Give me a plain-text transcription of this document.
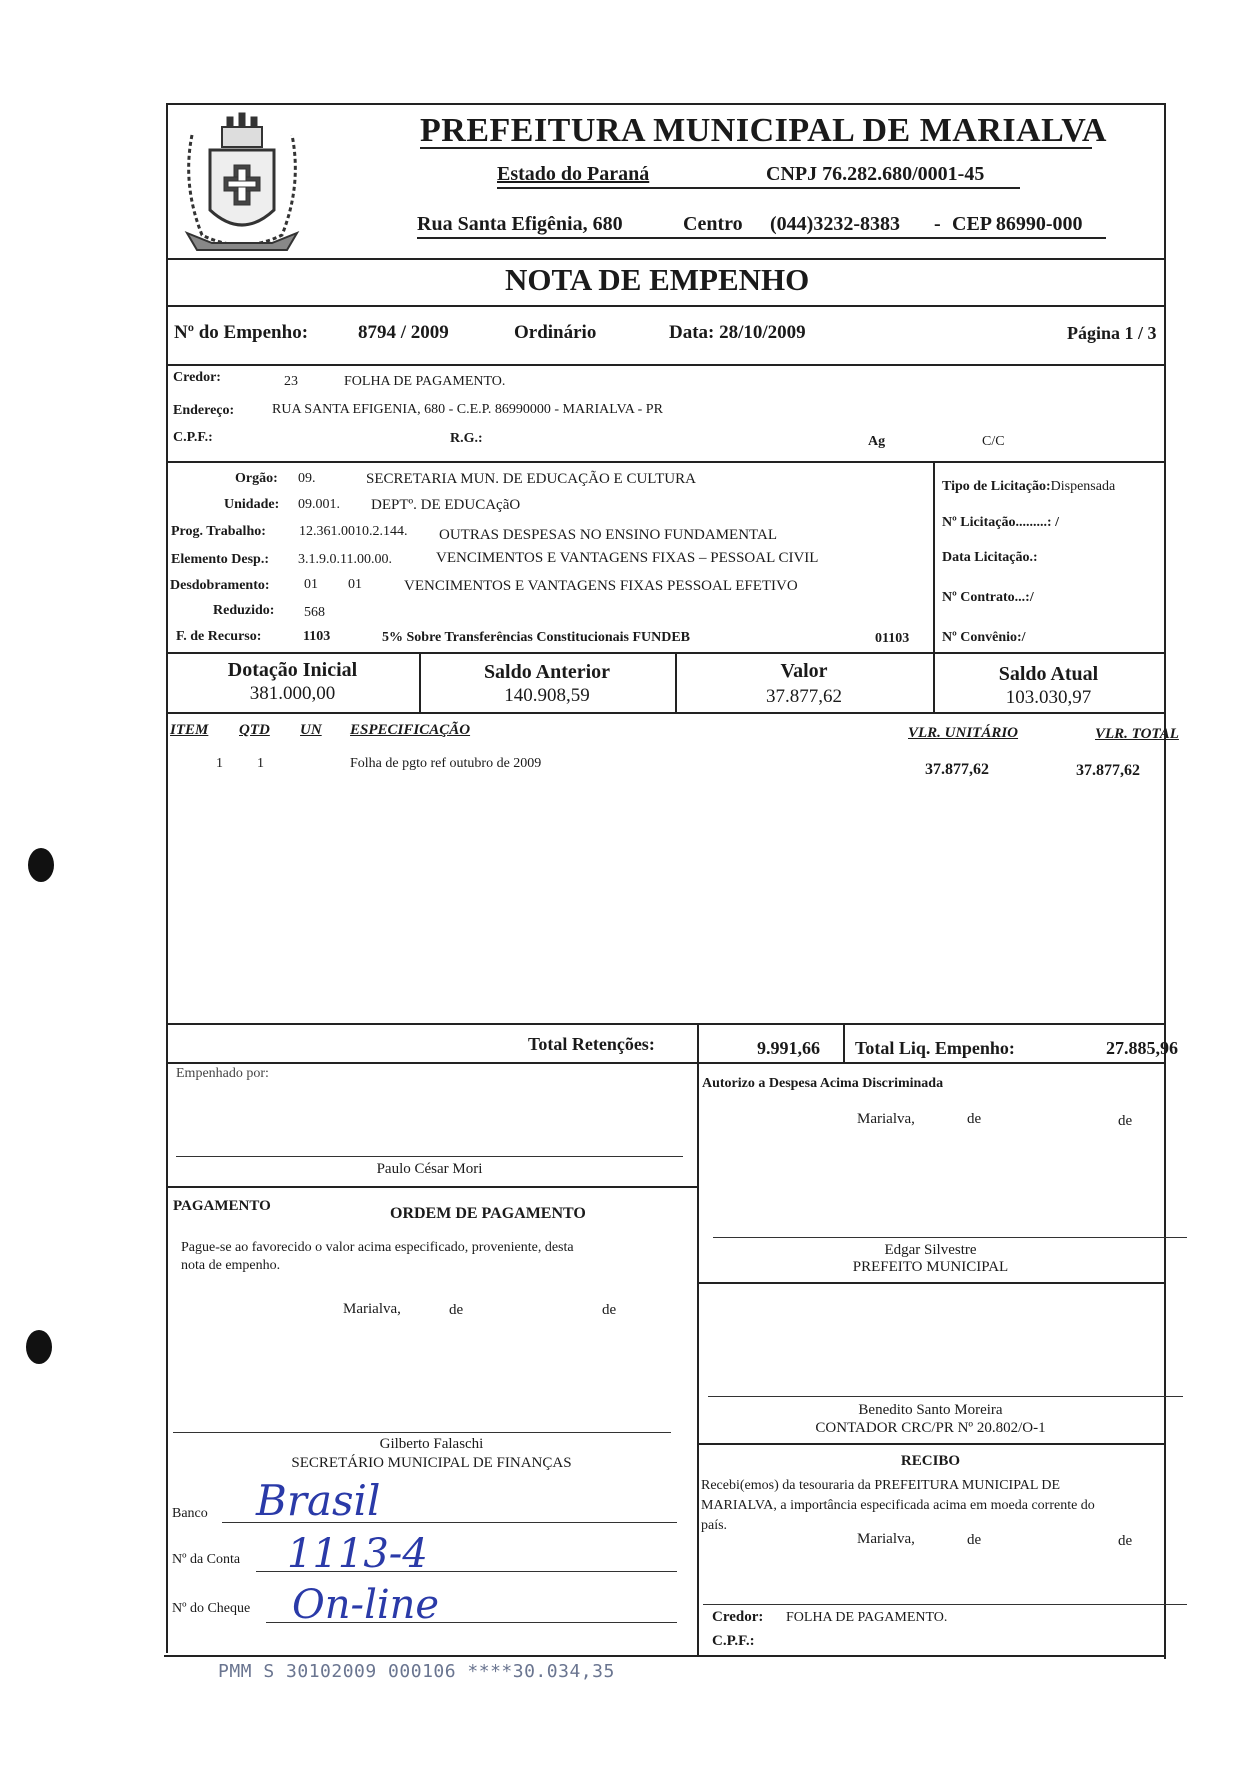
PREFEITURA MUNICIPAL DE MARIALVA
Estado do Paraná	CNPJ 76.282.680/0001-45
Rua Santa Efigênia, 680	Centro (044)3232-8383 - CEP 86990-000
NOTA DE EMPENHO
Nº do Empenho:	8794 / 2009	Ordinário	Data: 28/10/2009	Página 1 / 3
Credor:	23	FOLHA DE PAGAMENTO.
Endereço:	RUA SANTA EFIGENIA, 680 - C.E.P. 86990000 - MARIALVA - PR
C.P.F.:	R.G.:	Ag	C/C
Orgão: 09.	SECRETARIA MUN. DE EDUCAÇÃO E CULTURA
Unidade: 09.001. DEPTº. DE EDUCAçãO
Prog. Trabalho: 12.361.0010.2.144. OUTRAS DESPESAS NO ENSINO FUNDAMENTAL
Elemento Desp.: 3.1.9.0.11.00.00.	VENCIMENTOS E VANTAGENS FIXAS – PESSOAL CIVIL
Desdobramento: 01 01	VENCIMENTOS E VANTAGENS FIXAS PESSOAL EFETIVO
Reduzido: 568
F. de Recurso:	1103	5% Sobre Transferências Constitucionais FUNDEB	01103
Tipo de Licitação:Dispensada
Nº Licitação.........: /
Data Licitação.:
Nº Contrato...:/
Nº Convênio:/
Dotação Inicial
381.000,00
Saldo Anterior
140.908,59
Valor
37.877,62
Saldo Atual
103.030,97
ITEM QTD UN ESPECIFICAÇÃO	VLR. UNITÁRIO	VLR. TOTAL
1 1	Folha de pgto ref outubro de 2009	37.877,62	37.877,62
Total Retenções:	9.991,66 Total Liq. Empenho:	27.885,96
Empenhado por:
Paulo César Mori
Autorizo a Despesa Acima Discriminada
Marialva,	de	de
Edgar Silvestre
PREFEITO MUNICIPAL
PAGAMENTO	ORDEM DE PAGAMENTO
Pague-se ao favorecido o valor acima especificado, proveniente, desta
nota de empenho.
Marialva,	de	de
Gilberto Falaschi
SECRETÁRIO MUNICIPAL DE FINANÇAS
Benedito Santo Moreira
CONTADOR CRC/PR Nº 20.802/O-1
Banco Brasil
Nº da Conta 1113-4
Nº do Cheque On-line
RECIBO
Recebi(emos) da tesouraria da PREFEITURA MUNICIPAL DE
MARIALVA, a importância especificada acima em moeda corrente do
país.
Marialva,	de	de
Credor: FOLHA DE PAGAMENTO.
C.P.F.:
PMM S 30102009 000106 ****30.034,35
